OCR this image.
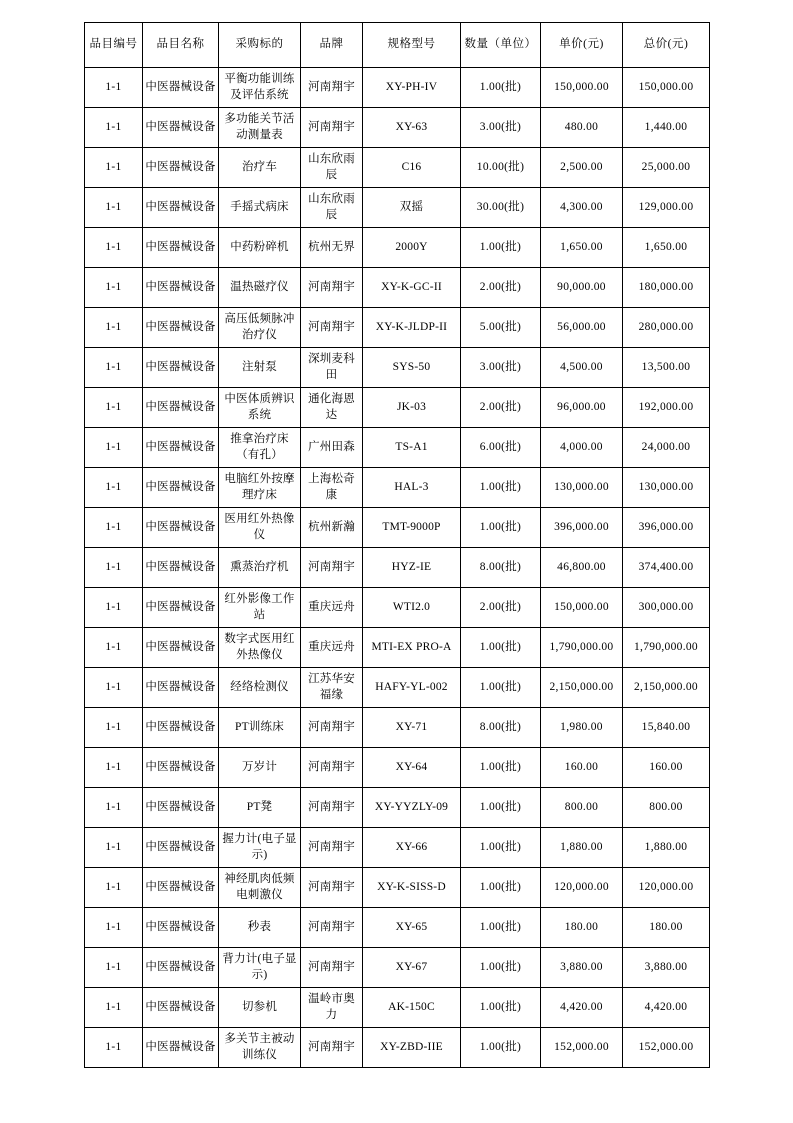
品目编号	品目名称	采购标的	品牌	规格型号	数量（单位）	单价(元)	总价(元)
1-1	中医器械设备	平衡功能训练及评估系统	河南翔宇	XY-PH-IV	1.00(批)	150,000.00	150,000.00
1-1	中医器械设备	多功能关节活动测量表	河南翔宇	XY-63	3.00(批)	480.00	1,440.00
1-1	中医器械设备	治疗车	山东欣雨辰	C16	10.00(批)	2,500.00	25,000.00
1-1	中医器械设备	手摇式病床	山东欣雨辰	双摇	30.00(批)	4,300.00	129,000.00
1-1	中医器械设备	中药粉碎机	杭州无界	2000Y	1.00(批)	1,650.00	1,650.00
1-1	中医器械设备	温热磁疗仪	河南翔宇	XY-K-GC-II	2.00(批)	90,000.00	180,000.00
1-1	中医器械设备	高压低频脉冲治疗仪	河南翔宇	XY-K-JLDP-II	5.00(批)	56,000.00	280,000.00
1-1	中医器械设备	注射泵	深圳麦科田	SYS-50	3.00(批)	4,500.00	13,500.00
1-1	中医器械设备	中医体质辨识系统	通化海恩达	JK-03	2.00(批)	96,000.00	192,000.00
1-1	中医器械设备	推拿治疗床（有孔）	广州田森	TS-A1	6.00(批)	4,000.00	24,000.00
1-1	中医器械设备	电脑红外按摩理疗床	上海松奇康	HAL-3	1.00(批)	130,000.00	130,000.00
1-1	中医器械设备	医用红外热像仪	杭州新瀚	TMT-9000P	1.00(批)	396,000.00	396,000.00
1-1	中医器械设备	熏蒸治疗机	河南翔宇	HYZ-IE	8.00(批)	46,800.00	374,400.00
1-1	中医器械设备	红外影像工作站	重庆远舟	WTI2.0	2.00(批)	150,000.00	300,000.00
1-1	中医器械设备	数字式医用红外热像仪	重庆远舟	MTI-EX PRO-A	1.00(批)	1,790,000.00	1,790,000.00
1-1	中医器械设备	经络检测仪	江苏华安福缘	HAFY-YL-002	1.00(批)	2,150,000.00	2,150,000.00
1-1	中医器械设备	PT训练床	河南翔宇	XY-71	8.00(批)	1,980.00	15,840.00
1-1	中医器械设备	万岁计	河南翔宇	XY-64	1.00(批)	160.00	160.00
1-1	中医器械设备	PT凳	河南翔宇	XY-YYZLY-09	1.00(批)	800.00	800.00
1-1	中医器械设备	握力计(电子显示)	河南翔宇	XY-66	1.00(批)	1,880.00	1,880.00
1-1	中医器械设备	神经肌肉低频电刺激仪	河南翔宇	XY-K-SISS-D	1.00(批)	120,000.00	120,000.00
1-1	中医器械设备	秒表	河南翔宇	XY-65	1.00(批)	180.00	180.00
1-1	中医器械设备	背力计(电子显示)	河南翔宇	XY-67	1.00(批)	3,880.00	3,880.00
1-1	中医器械设备	切参机	温岭市奥力	AK-150C	1.00(批)	4,420.00	4,420.00
1-1	中医器械设备	多关节主被动训练仪	河南翔宇	XY-ZBD-IIE	1.00(批)	152,000.00	152,000.00
